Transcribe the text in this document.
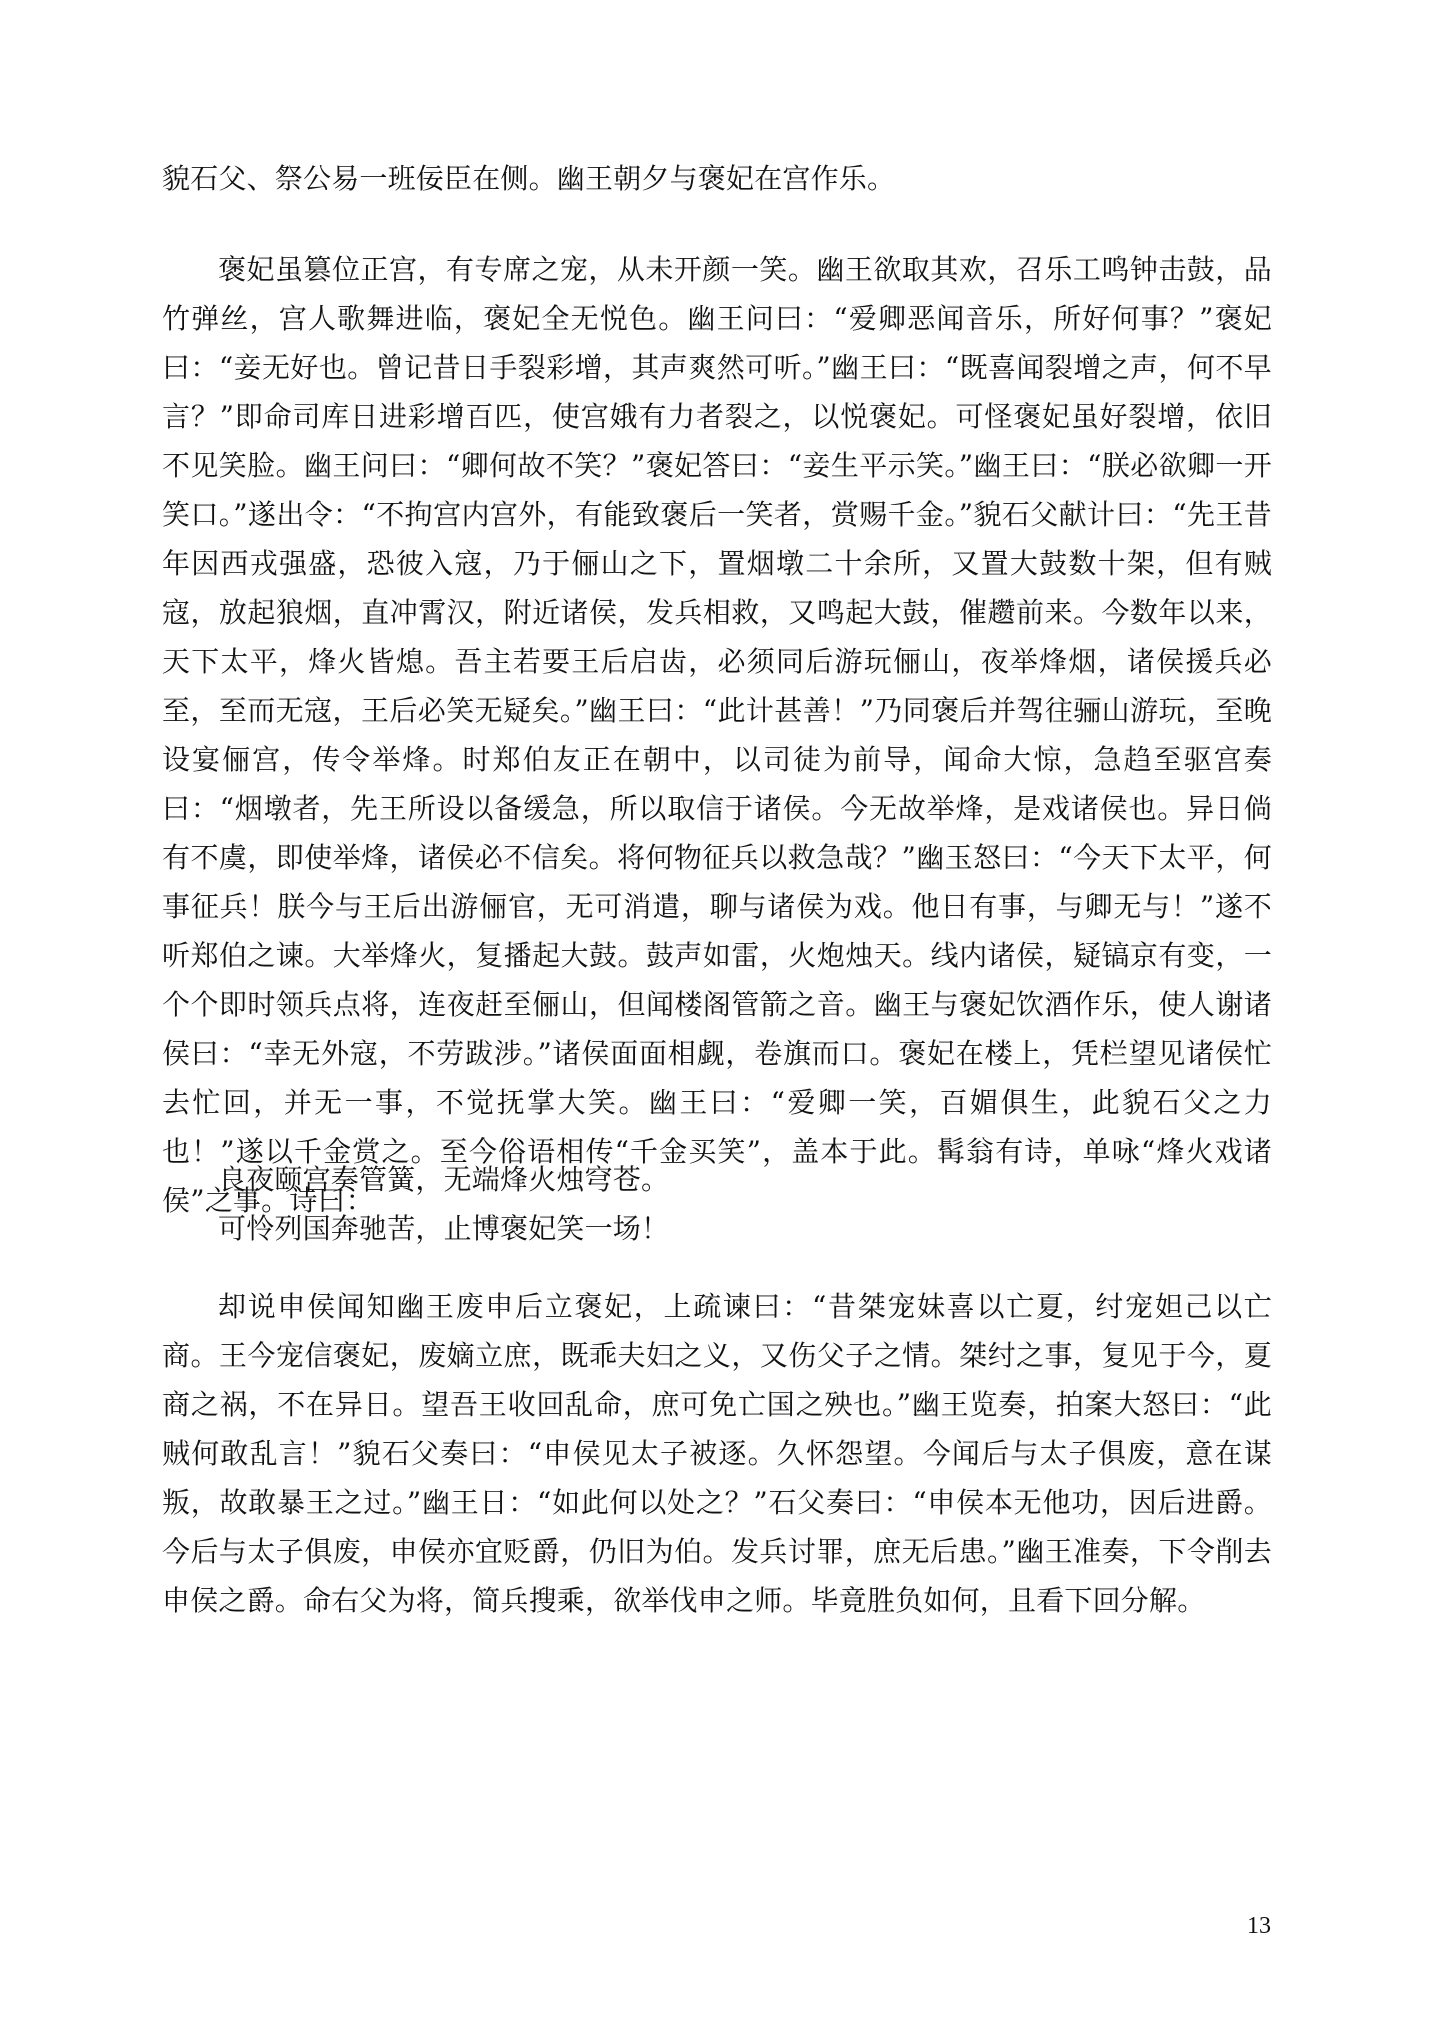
貌石父、祭公易一班佞臣在侧。幽王朝夕与褒妃在宫作乐。

褒妃虽篡位正宫，有专席之宠，从未开颜一笑。幽王欲取其欢，召乐工鸣钟击鼓，品竹弹丝，宫人歌舞进临，褒妃全无悦色。幽王问曰：“爱卿恶闻音乐，所好何事？”褒妃曰：“妾无好也。曾记昔日手裂彩增，其声爽然可听。”幽王曰：“既喜闻裂增之声，何不早言？”即命司库日进彩增百匹，使宫娥有力者裂之，以悦褒妃。可怪褒妃虽好裂增，依旧不见笑脸。幽王问曰：“卿何故不笑？”褒妃答曰：“妾生平示笑。”幽王曰：“朕必欲卿一开笑口。”遂出令：“不拘宫内宫外，有能致褒后一笑者，赏赐千金。”貌石父献计曰：“先王昔年因西戎强盛，恐彼入寇，乃于俪山之下，置烟墩二十余所，又置大鼓数十架，但有贼寇，放起狼烟，直冲霄汉，附近诸侯，发兵相救，又鸣起大鼓，催趱前来。今数年以来，天下太平，烽火皆熄。吾主若要王后启齿，必须同后游玩俪山，夜举烽烟，诸侯援兵必至，至而无寇，王后必笑无疑矣。”幽王曰：“此计甚善！”乃同褒后并驾往骊山游玩，至晚设宴俪宫，传令举烽。时郑伯友正在朝中，以司徒为前导，闻命大惊，急趋至驱宫奏曰：“烟墩者，先王所设以备缓急，所以取信于诸侯。今无故举烽，是戏诸侯也。异日倘有不虞，即使举烽，诸侯必不信矣。将何物征兵以救急哉？”幽玉怒曰：“今天下太平，何事征兵！朕今与王后出游俪官，无可消遣，聊与诸侯为戏。他日有事，与卿无与！”遂不听郑伯之谏。大举烽火，复播起大鼓。鼓声如雷，火炮烛天。线内诸侯，疑镐京有变，一个个即时领兵点将，连夜赶至俪山，但闻楼阁管箭之音。幽王与褒妃饮酒作乐，使人谢诸侯曰：“幸无外寇，不劳跋涉。”诸侯面面相觑，卷旗而口。褒妃在楼上，凭栏望见诸侯忙去忙回，并无一事，不觉抚掌大笑。幽王曰：“爱卿一笑，百媚俱生，此貌石父之力也！”遂以千金赏之。至今俗语相传“千金买笑”，盖本于此。髯翁有诗，单咏“烽火戏诸侯”之事。诗曰：

良夜颐宫奏管簧，无端烽火烛穹苍。
可怜列国奔驰苦，止博褒妃笑一场！

却说申侯闻知幽王废申后立褒妃，上疏谏曰：“昔桀宠妹喜以亡夏，纣宠妲己以亡商。王今宠信褒妃，废嫡立庶，既乖夫妇之义，又伤父子之情。桀纣之事，复见于今，夏商之祸，不在异日。望吾王收回乱命，庶可免亡国之殃也。”幽王览奏，拍案大怒曰：“此贼何敢乱言！”貌石父奏曰：“申侯见太子被逐。久怀怨望。今闻后与太子俱废，意在谋叛，故敢暴王之过。”幽王日：“如此何以处之？”石父奏曰：“申侯本无他功，因后进爵。今后与太子俱废，申侯亦宜贬爵，仍旧为伯。发兵讨罪，庶无后患。”幽王准奏，下令削去申侯之爵。命右父为将，简兵搜乘，欲举伐申之师。毕竟胜负如何，且看下回分解。

13
